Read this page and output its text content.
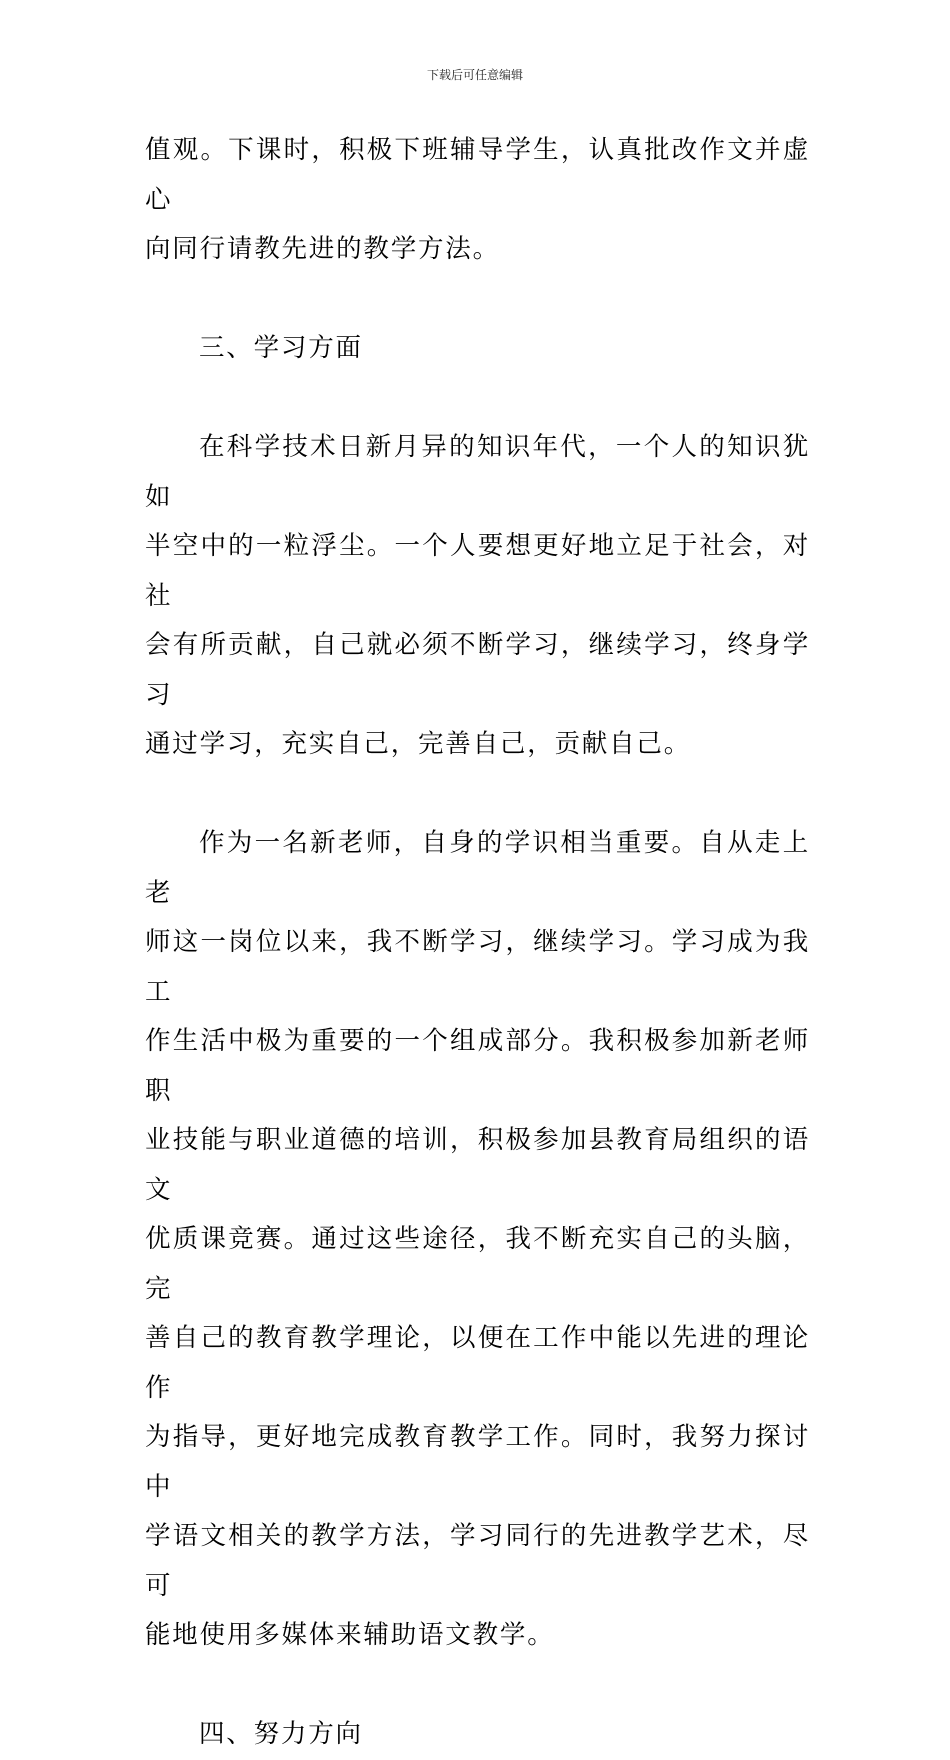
下载后可任意编辑
值观。下课时，积极下班辅导学生，认真批改作文并虚心
向同行请教先进的教学方法。
三、学习方面
在科学技术日新月异的知识年代，一个人的知识犹如
半空中的一粒浮尘。一个人要想更好地立足于社会，对社
会有所贡献，自己就必须不断学习，继续学习，终身学习
通过学习，充实自己，完善自己，贡献自己。
作为一名新老师，自身的学识相当重要。自从走上老
师这一岗位以来，我不断学习，继续学习。学习成为我工
作生活中极为重要的一个组成部分。我积极参加新老师职
业技能与职业道德的培训，积极参加县教育局组织的语文
优质课竞赛。通过这些途径，我不断充实自己的头脑，完
善自己的教育教学理论，以便在工作中能以先进的理论作
为指导，更好地完成教育教学工作。同时，我努力探讨中
学语文相关的教学方法，学习同行的先进教学艺术，尽可
能地使用多媒体来辅助语文教学。
四、努力方向
